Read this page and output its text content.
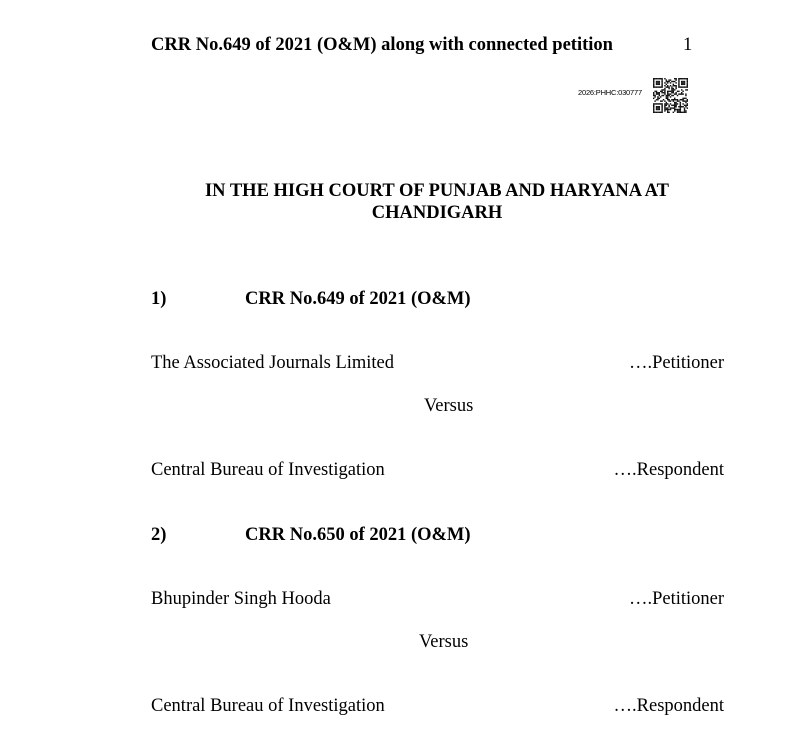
CRR No.649 of 2021 (O&M) along with connected petition	1
2026:PHHC:030777
IN THE HIGH COURT OF PUNJAB AND HARYANA AT
CHANDIGARH
1)	CRR No.649 of 2021 (O&M)
The Associated Journals Limited	….Petitioner
Versus
Central Bureau of Investigation	….Respondent
2)	CRR No.650 of 2021 (O&M)
Bhupinder Singh Hooda	….Petitioner
Versus
Central Bureau of Investigation	….Respondent
